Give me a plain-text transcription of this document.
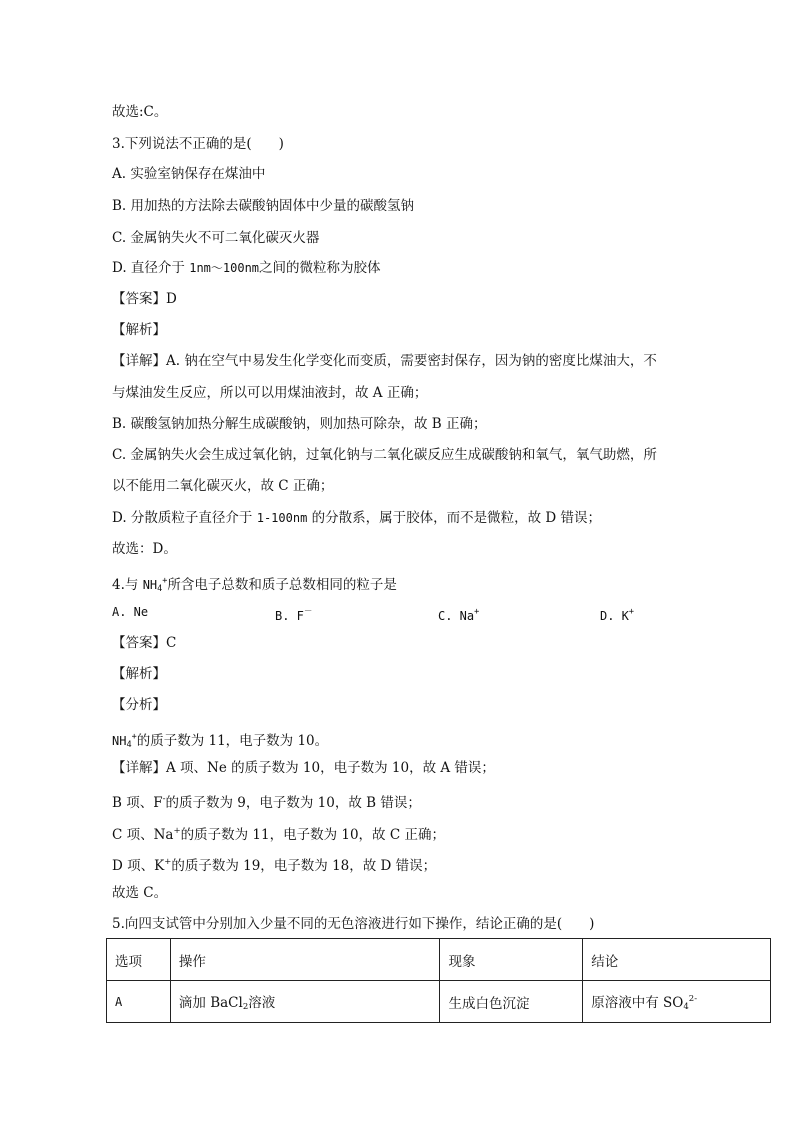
故选:C。
3.下列说法不正确的是(　　)
A. 实验室钠保存在煤油中
B. 用加热的方法除去碳酸钠固体中少量的碳酸氢钠
C. 金属钠失火不可二氧化碳灭火器
D. 直径介于 1nm～100nm之间的微粒称为胶体
【答案】D
【解析】
【详解】A. 钠在空气中易发生化学变化而变质，需要密封保存，因为钠的密度比煤油大，不
与煤油发生反应，所以可以用煤油液封，故 A 正确；
B. 碳酸氢钠加热分解生成碳酸钠，则加热可除杂，故 B 正确；
C. 金属钠失火会生成过氧化钠，过氧化钠与二氧化碳反应生成碳酸钠和氧气，氧气助燃，所
以不能用二氧化碳灭火，故 C 正确；
D. 分散质粒子直径介于 1-100nm 的分散系，属于胶体，而不是微粒，故 D 错误；
故选：D。
4.与 $NH_4^+$所含电子总数和质子总数相同的粒子是
A. Ne	B. F－	C. Na+	D. K+
【答案】C
【解析】
【分析】
$NH_4^+$的质子数为 11，电子数为 10。
【详解】A 项、Ne 的质子数为 10，电子数为 10，故 A 错误；
B 项、F-的质子数为 9，电子数为 10，故 B 错误；
C 项、Na+的质子数为 11，电子数为 10，故 C 正确；
D 项、K+的质子数为 19，电子数为 18，故 D 错误；
故选 C。
5.向四支试管中分别加入少量不同的无色溶液进行如下操作，结论正确的是(　　)
选项	操作	现象	结论
A	滴加 BaCl$_2$溶液	生成白色沉淀	原溶液中有 $SO_4^{2-}$
